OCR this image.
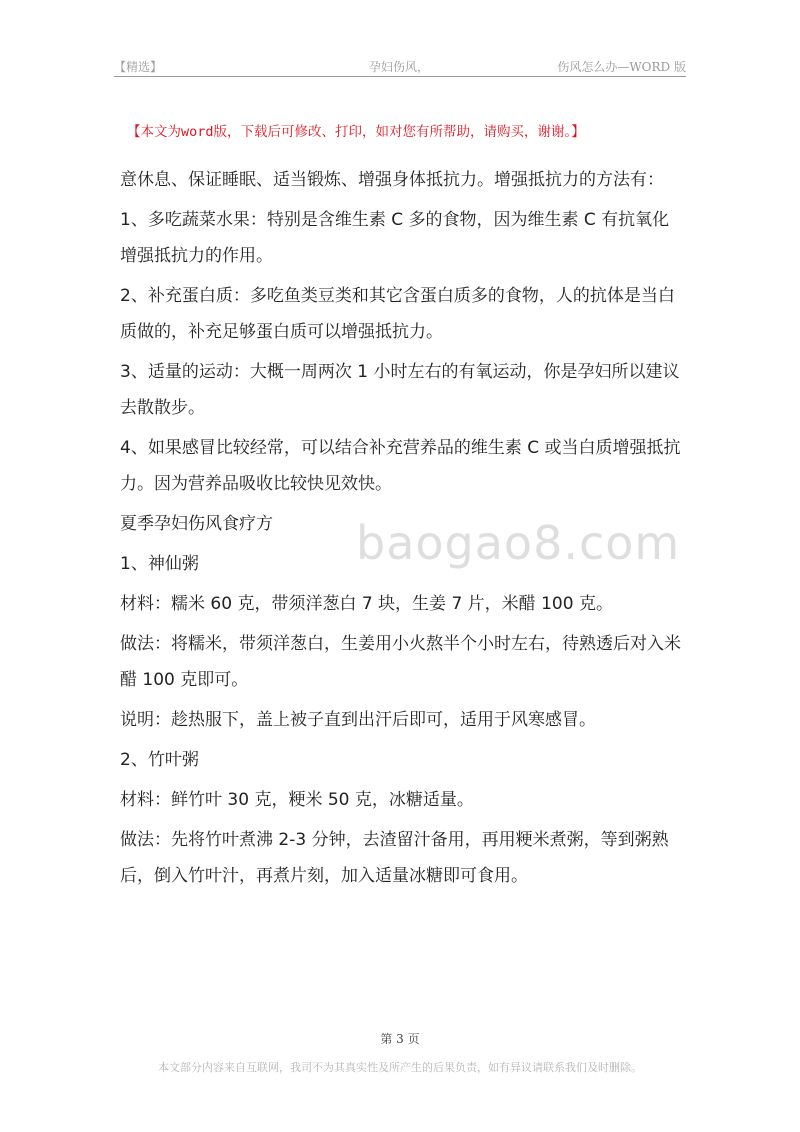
【精选】	孕妇伤风，	伤风怎么办—WORD 版
【本文为word版，下载后可修改、打印，如对您有所帮助，请购买，谢谢。】

意休息、保证睡眠、适当锻炼、增强身体抵抗力。增强抵抗力的方法有：

1、多吃蔬菜水果：特别是含维生素 C 多的食物，因为维生素 C 有抗氧化增强抵抗力的作用。

2、补充蛋白质：多吃鱼类豆类和其它含蛋白质多的食物，人的抗体是当白质做的，补充足够蛋白质可以增强抵抗力。

3、适量的运动：大概一周两次 1 小时左右的有氧运动，你是孕妇所以建议去散散步。

4、如果感冒比较经常，可以结合补充营养品的维生素 C 或当白质增强抵抗力。因为营养品吸收比较快见效快。

夏季孕妇伤风食疗方

1、神仙粥

材料：糯米 60 克，带须洋葱白 7 块，生姜 7 片，米醋 100 克。

做法：将糯米，带须洋葱白，生姜用小火熬半个小时左右，待熟透后对入米醋 100 克即可。

说明：趁热服下，盖上被子直到出汗后即可，适用于风寒感冒。

2、竹叶粥

材料：鲜竹叶 30 克，粳米 50 克，冰糖适量。

做法：先将竹叶煮沸 2-3 分钟，去渣留汁备用，再用粳米煮粥，等到粥熟后，倒入竹叶汁，再煮片刻，加入适量冰糖即可食用。

baogao8.com
第 3 页
本文部分内容来自互联网，我司不为其真实性及所产生的后果负责，如有异议请联系我们及时删除。
